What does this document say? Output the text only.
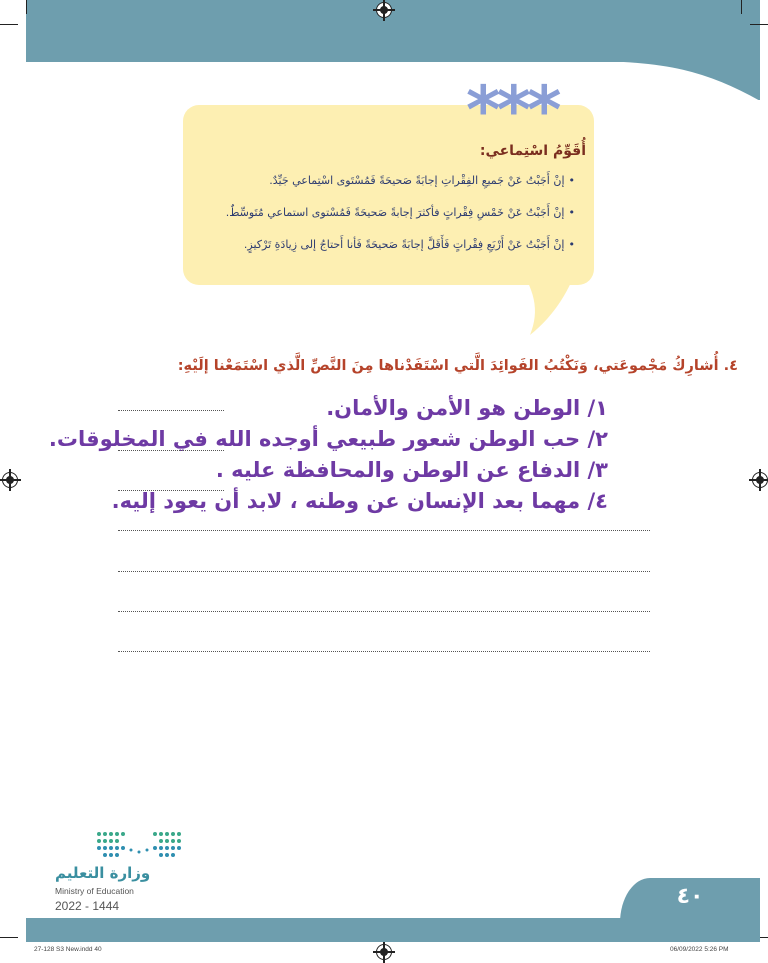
***
أُقَوِّمُ اسْتِماعي:
•إنْ أَجَبْتُ عَنْ جَميعِ الفِقْراتِ إجابَةً صَحيحَةً فَمُسْتَوى اسْتِماعي جَيِّدٌ.
•إنْ أَجَبْتُ عَنْ خَمْسِ فِقْراتٍ فأكثرَ إجابةً صَحيحَةً فَمُسْتوى استماعي مُتَوسِّطٌ.
•إنْ أَجَبْتُ عَنْ أَرْبَعِ فِقْراتٍ فَأَقَلَّ إجابَةً صَحيحَةً فَأنا أَحتاجُ إلى زِيادَةِ تَرْكيزٍ.
٤. أُشارِكُ مَجْموعَتي، وَنَكْتُبُ الفَوائِدَ الَّتي اسْتَفَدْناها مِنَ النَّصِّ الَّذي اسْتَمَعْنا إلَيْهِ:
١/ الوطن هو الأمن والأمان.
٢/ حب الوطن شعور طبيعي أوجده الله في المخلوقات.
٣/ الدفاع عن الوطن والمحافظة عليه .
٤/ مهما بعد الإنسان عن وطنه ، لابد أن يعود إليه.
وزارة التعليم
Ministry of Education
2022 - 1444	٤٠
27-128 S3 New.indd 40	06/09/2022 5:26 PM
